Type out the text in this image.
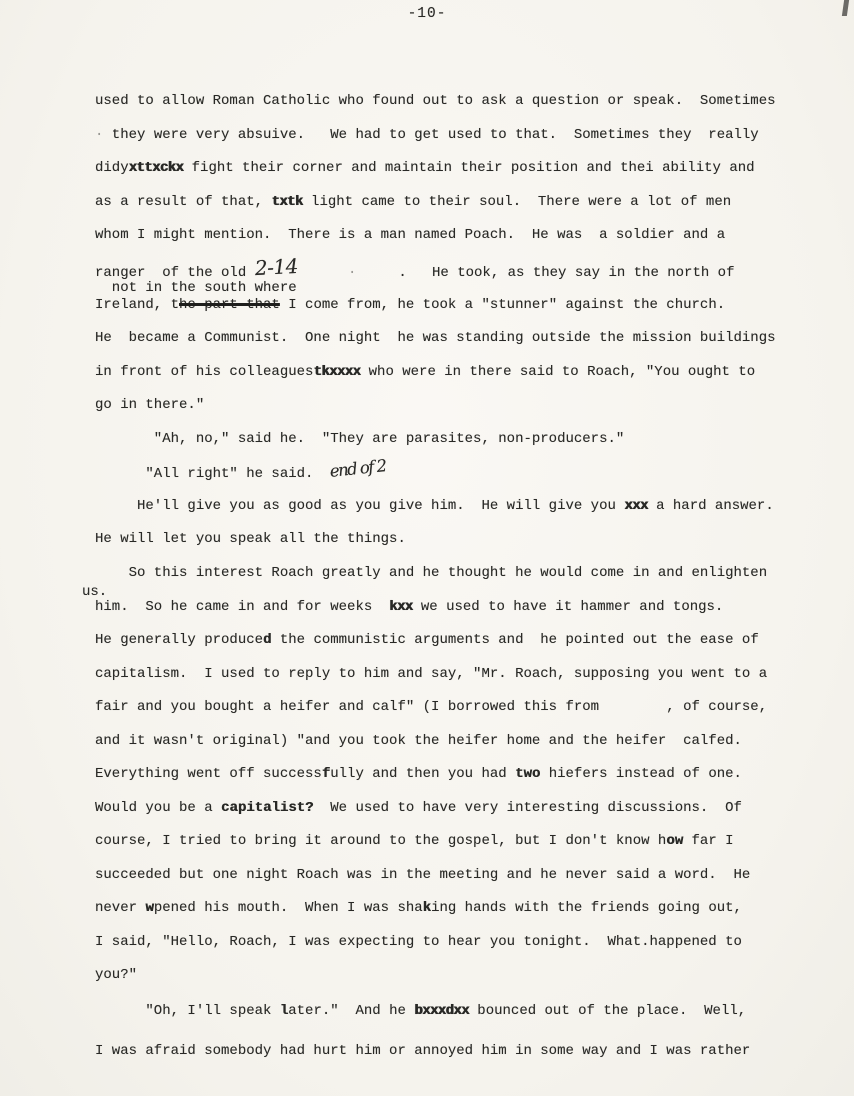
-10-
used to allow Roman Catholic who found out to ask a question or speak.  Sometimes
· they were very absuive.   We had to get used to that.  Sometimes they  really
didyxttxckx fight their corner and maintain their position and thei ability and
as a result of that, txtk light came to their soul.  There were a lot of men
whom I might mention.  There is a man named Poach.  He was  a soldier and a
ranger  of the old 2-14	·     .   He took, as they say in the north of
not in the south where
Ireland, the part that I come from, he took a "stunner" against the church.
He  became a Communist.  One night  he was standing outside the mission buildings
in front of his colleaguestkxxxx who were in there said to Roach, "You ought to
go in there."
"Ah, no," said he.  "They are parasites, non-producers."
"All right" he said.  end of 2
He'll give you as good as you give him.  He will give you xxx a hard answer.
He will let you speak all the things.
So this interest Roach greatly and he thought he would come in and enlighten
us.
him.  So he came in and for weeks  kxx we used to have it hammer and tongs.
He generally produced the communistic arguments and  he pointed out the ease of
capitalism.  I used to reply to him and say, "Mr. Roach, supposing you went to a
fair and you bought a heifer and calf" (I borrowed this from        , of course,
and it wasn't original) "and you took the heifer home and the heifer  calfed.
Everything went off successfully and then you had two hiefers instead of one.
Would you be a capitalist?  We used to have very interesting discussions.  Of
course, I tried to bring it around to the gospel, but I don't know how far I
succeeded but one night Roach was in the meeting and he never said a word.  He
never wpened his mouth.  When I was shaking hands with the friends going out,
I said, "Hello, Roach, I was expecting to hear you tonight.  What.happened to
you?"
"Oh, I'll speak later."  And he bxxxdxx bounced out of the place.  Well,
I was afraid somebody had hurt him or annoyed him in some way and I was rather
